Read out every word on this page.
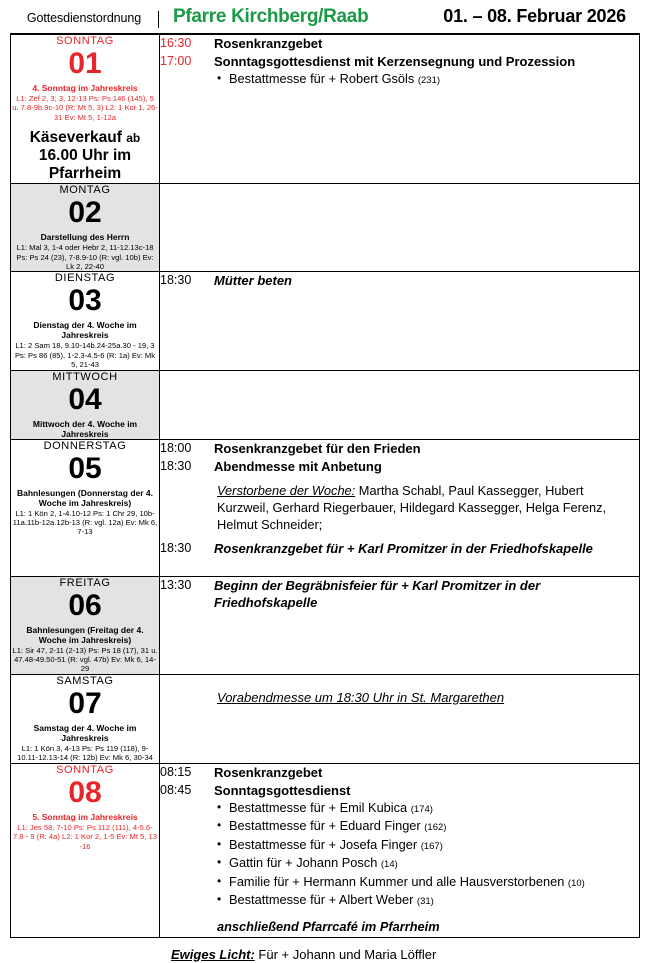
Gottesdienstordnung	Pfarre Kirchberg/Raab	01. – 08. Februar 2026
SONNTAG
01
4. Sonntag im Jahreskreis
L1: Zef 2, 3; 3, 12-13 Ps: Ps 146 (145), 5 u. 7.8-9b.9c-10 (R: Mt 5, 3) L2: 1 Kor 1, 26-31 Ev: Mt 5, 1-12a
Käseverkauf ab
16.00 Uhr im Pfarrheim

16:30	Rosenkranzgebet
17:00	Sonntagsgottesdienst mit Kerzensegnung und Prozession
• Bestattmesse für + Robert Gsöls (231)

MONTAG
02
Darstellung des Herrn
L1: Mal 3, 1-4 oder Hebr 2, 11-12.13c-18 Ps: Ps 24 (23), 7-8.9-10 (R: vgl. 10b) Ev: Lk 2, 22-40	

DIENSTAG
03
Dienstag der 4. Woche im Jahreskreis
L1: 2 Sam 18, 9.10-14b.24-25a.30 - 19, 3 Ps: Ps 86 (85), 1-2.3-4.5-6 (R: 1a) Ev: Mk 5, 21-43

18:30	Mütter beten

MITTWOCH
04
Mittwoch der 4. Woche im Jahreskreis	

DONNERSTAG
05
Bahnlesungen (Donnerstag der 4. Woche im Jahreskreis)
L1: 1 Kön 2, 1-4.10-12 Ps: 1 Chr 29, 10b-11a.11b-12a.12b-13 (R: vgl. 12a) Ev: Mk 6, 7-13

18:00	Rosenkranzgebet für den Frieden
18:30	Abendmesse mit Anbetung
Verstorbene der Woche: Martha Schabl, Paul Kassegger, Hubert Kurzweil, Gerhard Riegerbauer, Hildegard Kassegger, Helga Ferenz, Helmut Schneider;
18:30	Rosenkranzgebet für + Karl Promitzer in der Friedhofskapelle

FREITAG
06
Bahnlesungen (Freitag der 4. Woche im Jahreskreis)
L1: Sir 47, 2-11 (2-13) Ps: Ps 18 (17), 31 u. 47.48-49.50-51 (R: vgl. 47b) Ev: Mk 6, 14-29

13:30	Beginn der Begräbnisfeier für + Karl Promitzer in der Friedhofskapelle

SAMSTAG
07
Samstag der 4. Woche im Jahreskreis
L1: 1 Kön 3, 4-13 Ps: Ps 119 (118), 9-10.11-12.13-14 (R: 12b) Ev: Mk 6, 30-34	Vorabendmesse um 18:30 Uhr in St. Margarethen

SONNTAG
08
5. Sonntag im Jahreskreis
L1: Jes 58, 7-10 Ps: Ps 112 (111), 4-5.6-7.8 - 9 (R: 4a) L2: 1 Kor 2, 1-5 Ev: Mt 5, 13 -16

08:15	Rosenkranzgebet
08:45	Sonntagsgottesdienst
• Bestattmesse für + Emil Kubica (174)
• Bestattmesse für + Eduard Finger (162)
• Bestattmesse für + Josefa Finger (167)
• Gattin für + Johann Posch (14)
• Familie für + Hermann Kummer und alle Hausverstorbenen (10)
• Bestattmesse für + Albert Weber (31)
anschließend Pfarrcafé im Pfarrheim
Ewiges Licht: Für + Johann und Maria Löffler
